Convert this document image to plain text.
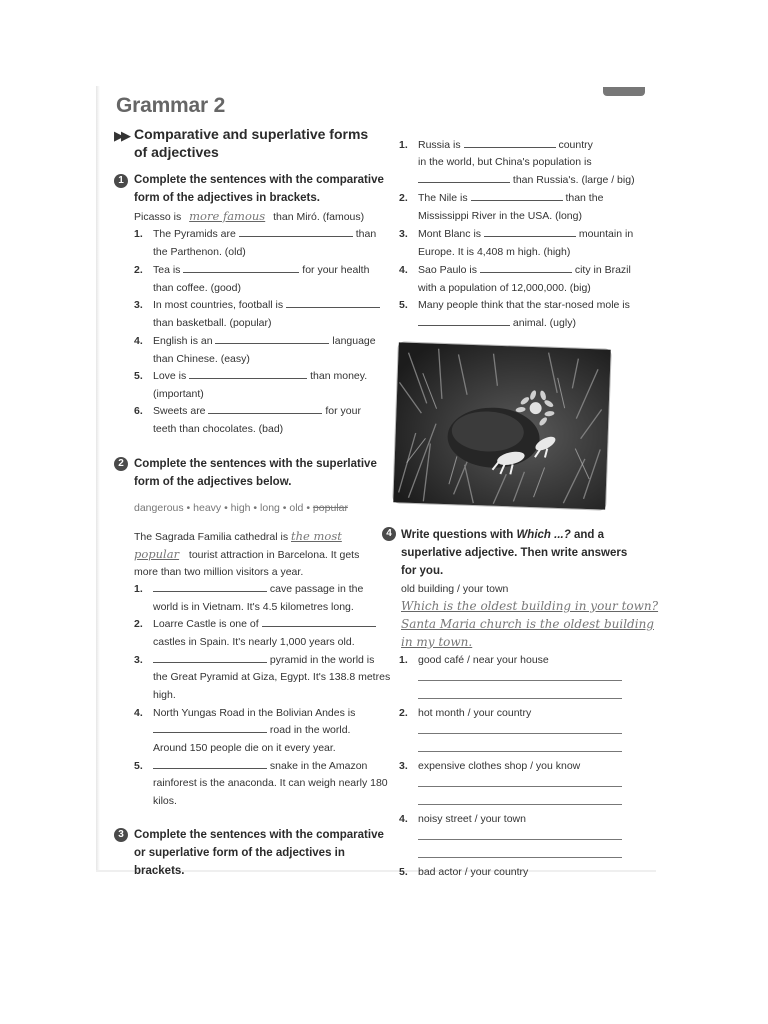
Grammar 2
▶▶ Comparative and superlative forms
of adjectives
1 Complete the sentences with the comparative
form of the adjectives in brackets.
Picasso is more famous than Miró. (famous)
1. The Pyramids are	than
the Parthenon. (old)
2. Tea is	for your health
than coffee. (good)
3. In most countries, football is
than basketball. (popular)
4. English is an	language
than Chinese. (easy)
5. Love is	than money.
(important)
6. Sweets are	for your
teeth than chocolates. (bad)
2 Complete the sentences with the superlative
form of the adjectives below.
dangerous • heavy • high • long • old • popular
The Sagrada Familia cathedral is the most
popular tourist attraction in Barcelona. It gets
more than two million visitors a year.
1.	cave passage in the
world is in Vietnam. It's 4.5 kilometres long.
2. Loarre Castle is one of
castles in Spain. It's nearly 1,000 years old.
3.	pyramid in the world is
the Great Pyramid at Giza, Egypt. It's 138.8 metres
high.
4. North Yungas Road in the Bolivian Andes is
road in the world.
Around 150 people die on it every year.
5.	snake in the Amazon
rainforest is the anaconda. It can weigh nearly 180
kilos.
3 Complete the sentences with the comparative
or superlative form of the adjectives in
brackets.
1. Russia is	country
in the world, but China's population is
than Russia's. (large / big)
2. The Nile is	than the
Mississippi River in the USA. (long)
3. Mont Blanc is	mountain in
Europe. It is 4,408 m high. (high)
4. Sao Paulo is	city in Brazil
with a population of 12,000,000. (big)
5. Many people think that the star-nosed mole is
animal. (ugly)
4 Write questions with Which ...? and a
superlative adjective. Then write answers
for you.
old building / your town
Which is the oldest building in your town?
Santa Maria church is the oldest building
in my town.
1. good café / near your house
2. hot month / your country
3. expensive clothes shop / you know
4. noisy street / your town
5. bad actor / your country
